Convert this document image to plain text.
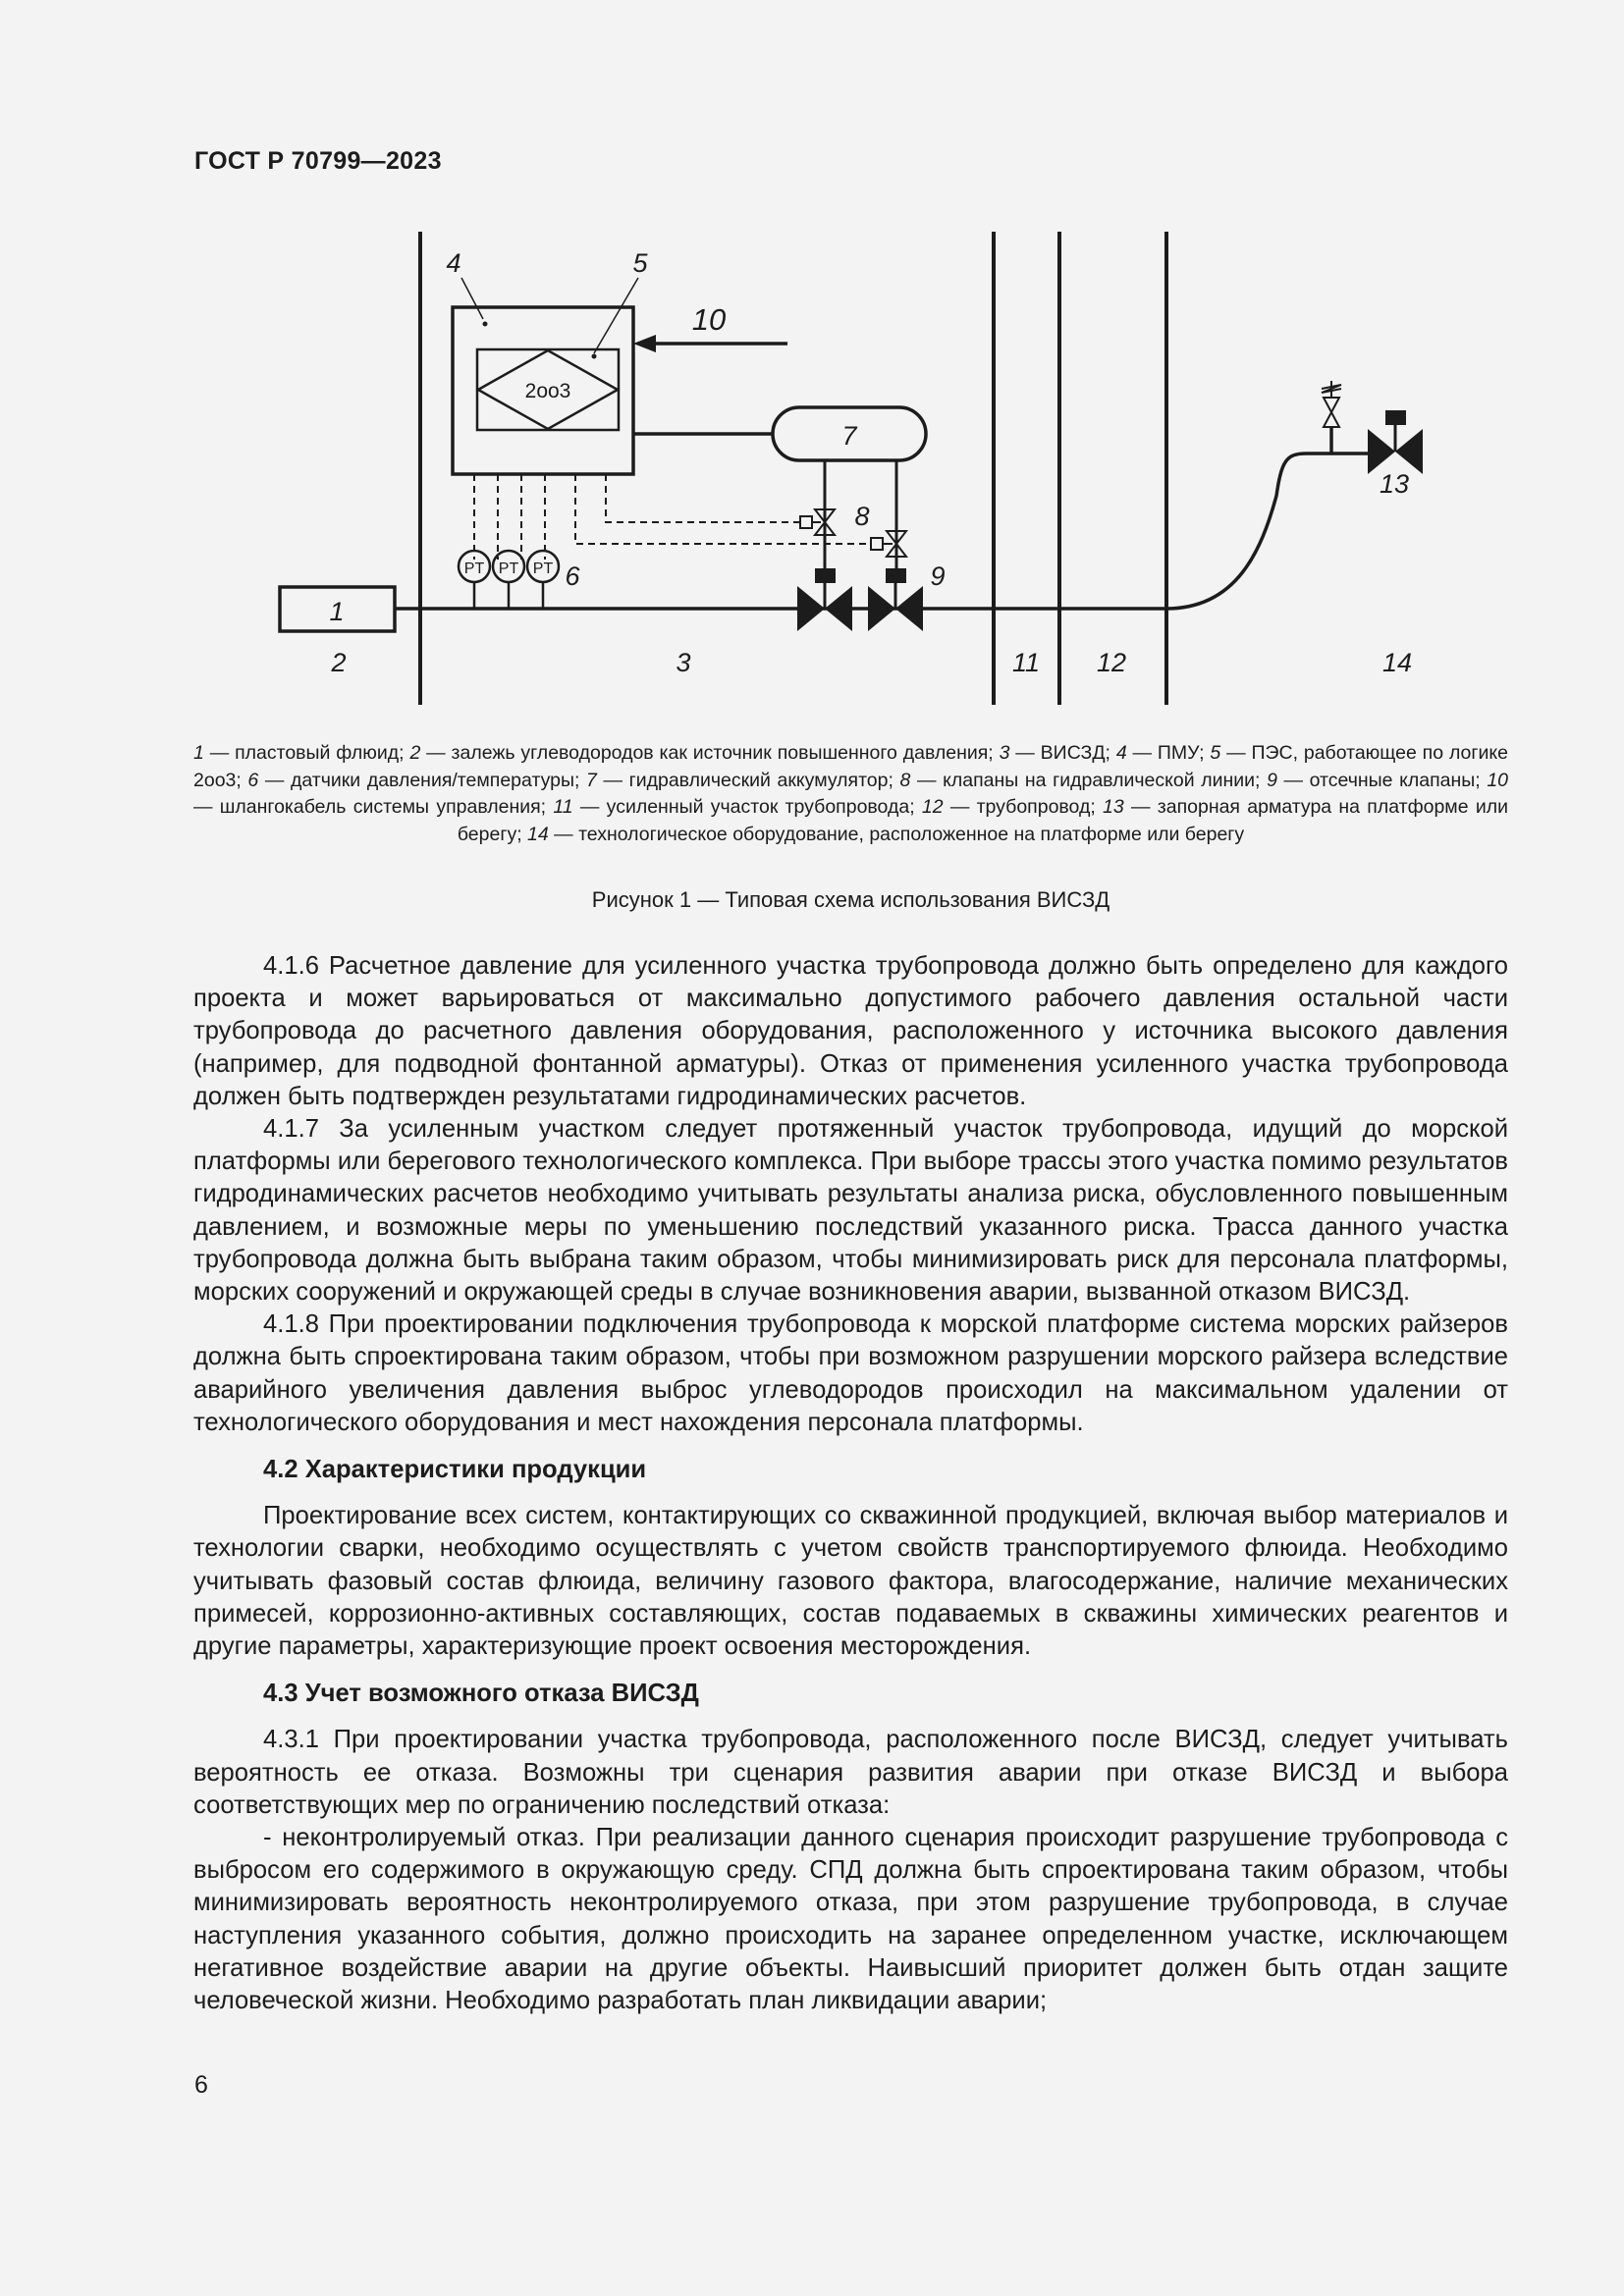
ГОСТ Р 70799—2023
2oo3
PT PT PT
1
2	3
4	5
6
7
8
9
10
11 12
13
14
1 — пластовый флюид; 2 — залежь углеводородов как источник повышенного давления; 3 — ВИСЗД; 4 — ПМУ; 5 — ПЭС, работающее по логике 2oo3; 6 — датчики давления/температуры; 7 — гидравлический аккумулятор; 8 — клапаны на гидравлической линии; 9 — отсечные клапаны; 10 — шлангокабель системы управления; 11 — усиленный участок трубопровода; 12 — трубопровод; 13 — запорная арматура на платформе или берегу; 14 — технологическое оборудование, расположенное на платформе или берегу
Рисунок 1 — Типовая схема использования ВИСЗД

4.1.6 Расчетное давление для усиленного участка трубопровода должно быть определено для каждого проекта и может варьироваться от максимально допустимого рабочего давления остальной части трубопровода до расчетного давления оборудования, расположенного у источника высокого давления (например, для подводной фонтанной арматуры). Отказ от применения усиленного участка трубопровода должен быть подтвержден результатами гидродинамических расчетов.

4.1.7 За усиленным участком следует протяженный участок трубопровода, идущий до морской платформы или берегового технологического комплекса. При выборе трассы этого участка помимо результатов гидродинамических расчетов необходимо учитывать результаты анализа риска, обусловленного повышенным давлением, и возможные меры по уменьшению последствий указанного риска. Трасса данного участка трубопровода должна быть выбрана таким образом, чтобы минимизировать риск для персонала платформы, морских сооружений и окружающей среды в случае возникновения аварии, вызванной отказом ВИСЗД.

4.1.8 При проектировании подключения трубопровода к морской платформе система морских райзеров должна быть спроектирована таким образом, чтобы при возможном разрушении морского райзера вследствие аварийного увеличения давления выброс углеводородов происходил на максимальном удалении от технологического оборудования и мест нахождения персонала платформы.

4.2 Характеристики продукции

Проектирование всех систем, контактирующих со скважинной продукцией, включая выбор материалов и технологии сварки, необходимо осуществлять с учетом свойств транспортируемого флюида. Необходимо учитывать фазовый состав флюида, величину газового фактора, влагосодержание, наличие механических примесей, коррозионно-активных составляющих, состав подаваемых в скважины химических реагентов и другие параметры, характеризующие проект освоения месторождения.

4.3 Учет возможного отказа ВИСЗД

4.3.1 При проектировании участка трубопровода, расположенного после ВИСЗД, следует учитывать вероятность ее отказа. Возможны три сценария развития аварии при отказе ВИСЗД и выбора соответствующих мер по ограничению последствий отказа:

- неконтролируемый отказ. При реализации данного сценария происходит разрушение трубопровода с выбросом его содержимого в окружающую среду. СПД должна быть спроектирована таким образом, чтобы минимизировать вероятность неконтролируемого отказа, при этом разрушение трубопровода, в случае наступления указанного события, должно происходить на заранее определенном участке, исключающем негативное воздействие аварии на другие объекты. Наивысший приоритет должен быть отдан защите человеческой жизни. Необходимо разработать план ликвидации аварии;

6
